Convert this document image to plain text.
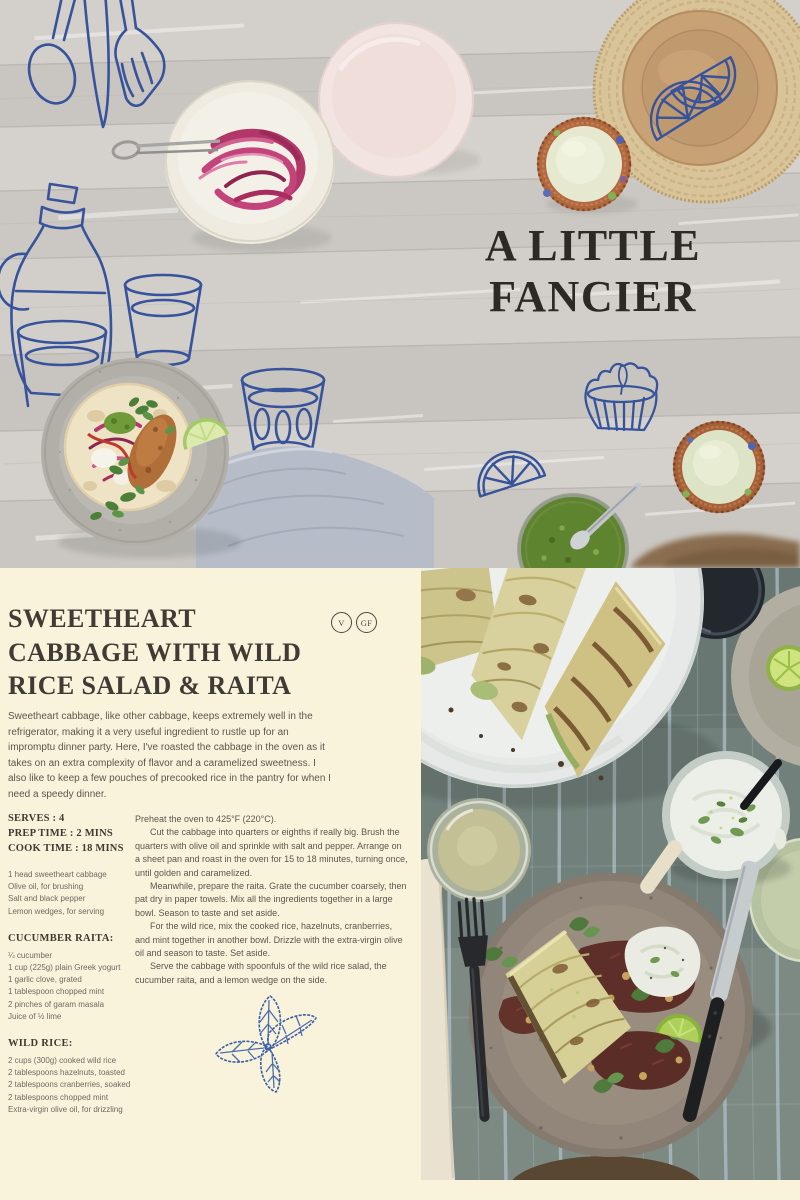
A LITTLE
FANCIER
SWEETHEART
CABBAGE WITH WILD
RICE SALAD & RAITA
V	GF

Sweetheart cabbage, like other cabbage, keeps extremely well in the refrigerator, making it a very useful ingredient to rustle up for an impromptu dinner party. Here, I've roasted the cabbage in the oven as it takes on an extra complexity of flavor and a caramelized sweetness. I also like to keep a few pouches of precooked rice in the pantry for when I need a speedy dinner.

SERVES : 4
PREP TIME : 2 MINS
COOK TIME : 18 MINS
1 head sweetheart cabbage
Olive oil, for brushing
Salt and black pepper
Lemon wedges, for serving
CUCUMBER RAITA:
¼ cucumber
1 cup (225g) plain Greek yogurt
1 garlic clove, grated
1 tablespoon chopped mint
2 pinches of garam masala
Juice of ½ lime
WILD RICE:
2 cups (300g) cooked wild rice
2 tablespoons hazelnuts, toasted
2 tablespoons cranberries, soaked
2 tablespoons chopped mint
Extra-virgin olive oil, for drizzling

Preheat the oven to 425°F (220°C).

Cut the cabbage into quarters or eighths if really big. Brush the quarters with olive oil and sprinkle with salt and pepper. Arrange on a sheet pan and roast in the oven for 15 to 18 minutes, turning once, until golden and caramelized.

Meanwhile, prepare the raita. Grate the cucumber coarsely, then pat dry in paper towels. Mix all the ingredients together in a large bowl. Season to taste and set aside.

For the wild rice, mix the cooked rice, hazelnuts, cranberries, and mint together in another bowl. Drizzle with the extra-virgin olive oil and season to taste. Set aside.

Serve the cabbage with spoonfuls of the wild rice salad, the cucumber raita, and a lemon wedge on the side.
